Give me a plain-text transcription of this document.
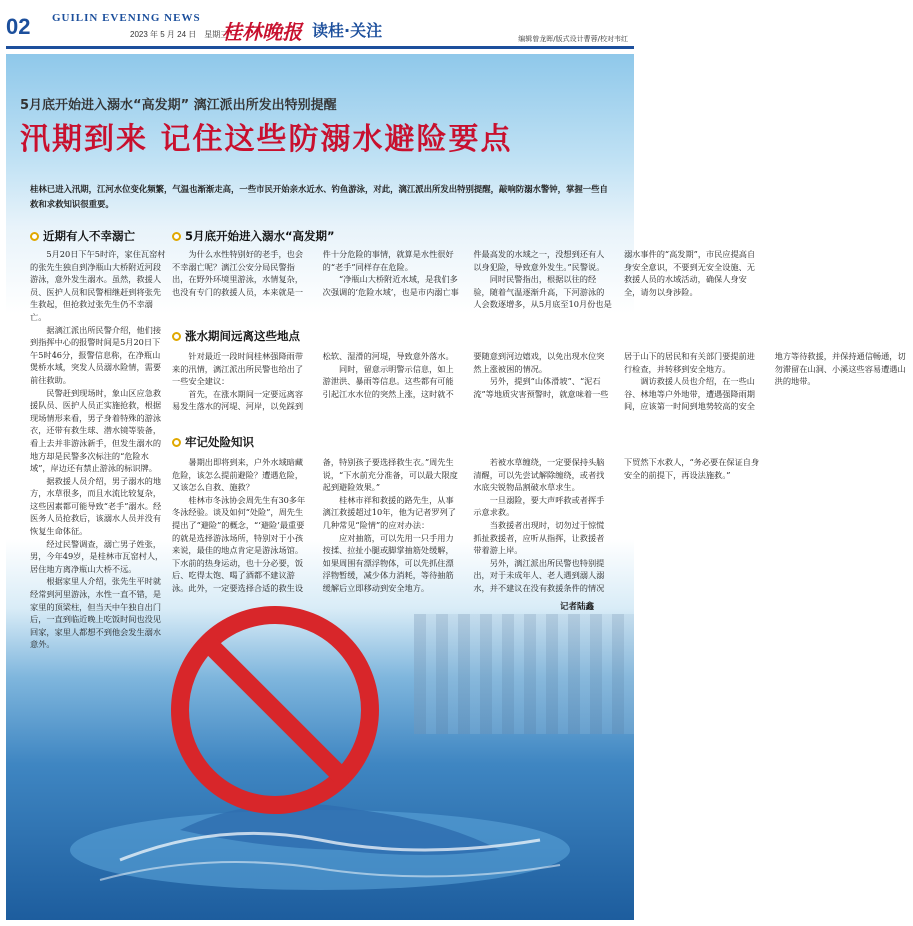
02 GUILIN EVENING NEWS
2023 年 5 月 24 日　星期三
桂林晚报 读桂·关注	编辑曾龙晖/版式设计曹蓉/校对韦红
5月底开始进入溺水“高发期” 漓江派出所发出特别提醒
汛期到来 记住这些防溺水避险要点
桂林已进入汛期，江河水位变化频繁，气温也渐渐走高，一些市民开始亲水近水、钓鱼游泳，对此，漓江派出所发出特别提醒，敲响防溺水警钟，掌握一些自救和求救知识很重要。
近期有人不幸溺亡

5月20日下午5时许，家住瓦窑村的张先生独自到净瓶山大桥附近河段游泳，意外发生溺水。虽然，救援人员、医护人员和民警相继赶到将张先生救起，但抢救过张先生仍不幸溺亡。

据漓江派出所民警介绍，他们接到指挥中心的报警时间是5月20日下午5时46分，报警信息称，在净瓶山煲桥水域，突发人员溺水险情，需要前往救助。

民警赶到现场时，象山区应急救援队员、医护人员正实施抢救，根据现场情形来看，男子身着特殊的游泳衣，还带有救生球、潜水镜等装备，看上去并非游泳新手，但发生溺水的地方却是民警多次标注的“危险水域”，岸边还有禁止游泳的标识牌。

据救援人员介绍，男子溺水的地方，水草很多，而且水流比较复杂，这些因素都可能导致“老手”溺水。经医务人员抢救后，该溺水人员并没有恢复生命体征。

经过民警调查，溺亡男子姓张，男，今年49岁，是桂林市瓦窑村人，居住地方离净瓶山大桥不远。

根据家里人介绍，张先生平时就经常到河里游泳，水性一直不错，是家里的顶梁柱，但当天中午独自出门后，一直到临近晚上吃饭时间也没见回家，家里人都想不到他会发生溺水意外。

5月底开始进入溺水“高发期”

为什么水性特别好的老手，也会不幸溺亡呢？漓江公安分局民警指出，在野外环境里游泳，水情复杂，也没有专门的救援人员，本来就是一件十分危险的事情，就算是水性很好的“老手”同样存在危险。

“净瓶山大桥附近水域，是我们多次强调的‘危险水域’，也是市内溺亡事件最高发的水域之一，没想到还有人以身犯险，导致意外发生。”民警说。

同时民警指出，根据以往的经验，随着气温逐渐升高，下河游泳的人会数逐增多，从5月底至10月份也是溺水事件的“高发期”，市民应提高自身安全意识，不要到无安全设施、无救援人员的水域活动，确保人身安全，请勿以身涉险。

涨水期间远离这些地点

针对最近一段时间桂林强降雨带来的汛情，漓江派出所民警也给出了一些安全建议：

首先，在涨水期间一定要远离容易发生落水的河堤、河岸，以免踩到松软、湿滑的河堤，导致意外落水。

同时，留意示明警示信息，如上游泄洪、暴雨等信息。这些都有可能引起江水水位的突然上涨，这时就不要随意到河边嬉戏，以免出现水位突然上涨被困的情况。

另外，提到“山体滑坡”、“泥石流”等地质灾害预警时，就意味着一些居于山下的居民和有关部门要提前进行检查，并转移到安全地方。

调访救援人员也介绍，在一些山谷、林地等户外地带，遭遇强降雨期间，应该第一时间到地势较高的安全地方等待救援，并保持通信畅通，切勿滞留在山洞、小溪这些容易遭遇山洪的地带。

牢记处险知识

暑期出即将到来，户外水域暗藏危险，该怎么提前避险？遭遇危险，又该怎么自救、施救？

桂林市冬泳协会周先生有30多年冬泳经验。谈及如何“处险”，周先生提出了“避险”的概念，“‘避险’最重要的就是选择游泳场所，特别对于小孩来说，最佳的地点肯定是游泳场馆。下水前的热身运动，也十分必要，饭后、吃得太饱、喝了酒都不建议游泳。此外，一定要选择合适的救生设备，特别孩子要选择救生衣。”周先生说，“下水前充分准备，可以最大限度起到避险效果。”

桂林市祥和救援的路先生，从事漓江救援超过10年，他为记者罗列了几种常见“险情”的应对办法：

应对抽筋，可以先用一只手用力按揉、拉扯小腿或脚掌抽筋处缓解，如果周围有漂浮物体，可以先抓住漂浮物暂缓，减少体力消耗，等待抽筋缓解后立即移动到安全地方。

若被水草缠绕，一定要保持头脑清醒，可以先尝试解除缠绕，或者找水底尖锐物品割破水草求生。

一旦溺险，要大声呼救或者挥手示意求救。

当救援者出现时，切勿过于惊慌抓扯救援者，应听从指挥，让救援者带着游上岸。

另外，漓江派出所民警也特别提出，对于未成年人、老人遇到溺人溺水，并不建议在没有救援条件的情况下贸然下水救人，“务必要在保证自身安全的前提下，再设法施救。”

记者陆鑫
